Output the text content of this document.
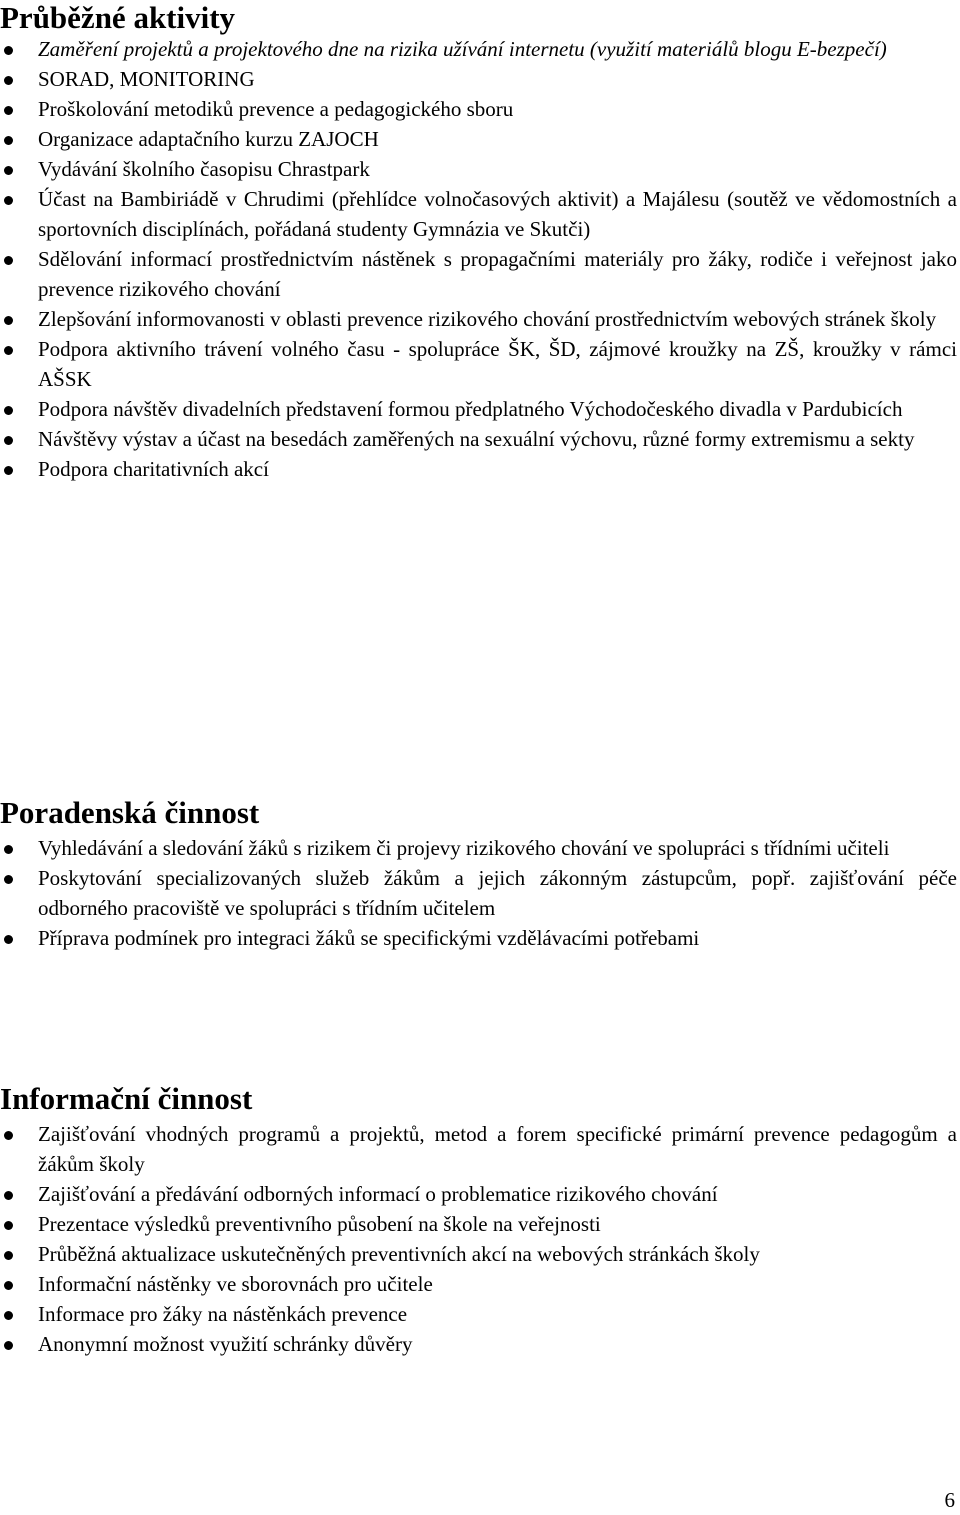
Průběžné aktivity
Zaměření projektů a projektového dne na rizika užívání internetu (využití materiálů blogu E-bezpečí)
SORAD, MONITORING
Proškolování metodiků prevence a pedagogického sboru
Organizace adaptačního kurzu ZAJOCH
Vydávání školního časopisu Chrastpark
Účast na Bambiriádě v Chrudimi (přehlídce volnočasových aktivit) a Majálesu (soutěž ve vědomostních a sportovních disciplínách, pořádaná studenty Gymnázia ve Skutči)
Sdělování informací prostřednictvím nástěnek s propagačními materiály pro žáky, rodiče i veřejnost jako prevence rizikového chování
Zlepšování informovanosti v oblasti prevence rizikového chování prostřednictvím webových stránek školy
Podpora aktivního trávení volného času - spolupráce ŠK, ŠD, zájmové kroužky na ZŠ, kroužky v rámci AŠSK
Podpora návštěv divadelních představení formou předplatného Východočeského divadla v Pardubicích
Návštěvy výstav a účast na besedách zaměřených na sexuální výchovu, různé formy extremismu a sekty
Podpora charitativních akcí
Poradenská činnost
Vyhledávání a sledování žáků s rizikem či projevy rizikového chování ve spolupráci s třídními učiteli
Poskytování specializovaných služeb žákům a jejich zákonným zástupcům, popř. zajišťování péče odborného pracoviště ve spolupráci s třídním učitelem
Příprava podmínek pro integraci žáků se specifickými vzdělávacími potřebami
Informační činnost
Zajišťování vhodných programů a projektů, metod a forem specifické primární prevence pedagogům a žákům školy
Zajišťování a předávání odborných informací o problematice rizikového chování
Prezentace výsledků preventivního působení na škole na veřejnosti
Průběžná aktualizace uskutečněných preventivních akcí na webových stránkách školy
Informační nástěnky ve sborovnách pro učitele
Informace pro žáky na nástěnkách prevence
Anonymní možnost využití schránky důvěry
6
